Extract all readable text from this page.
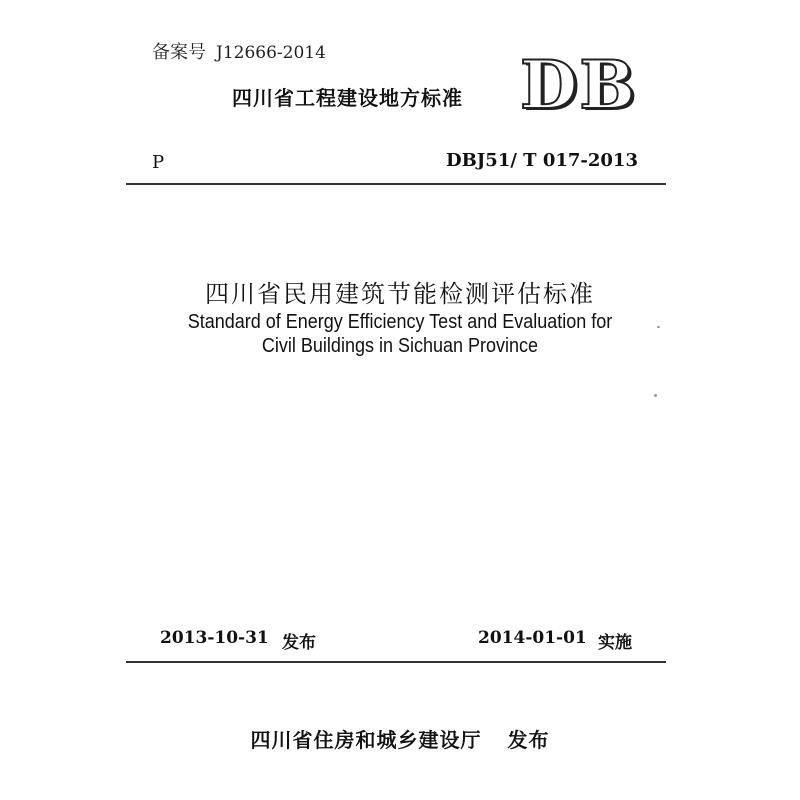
备案号 J12666-2014
四川省工程建设地方标准 DB
P	DBJ51/ T 017-2013
四川省民用建筑节能检测评估标准
Standard of Energy Efficiency Test and Evaluation for
Civil Buildings in Sichuan Province
2013-10-31 发布	2014-01-01 实施
四川省住房和城乡建设厅 发布
